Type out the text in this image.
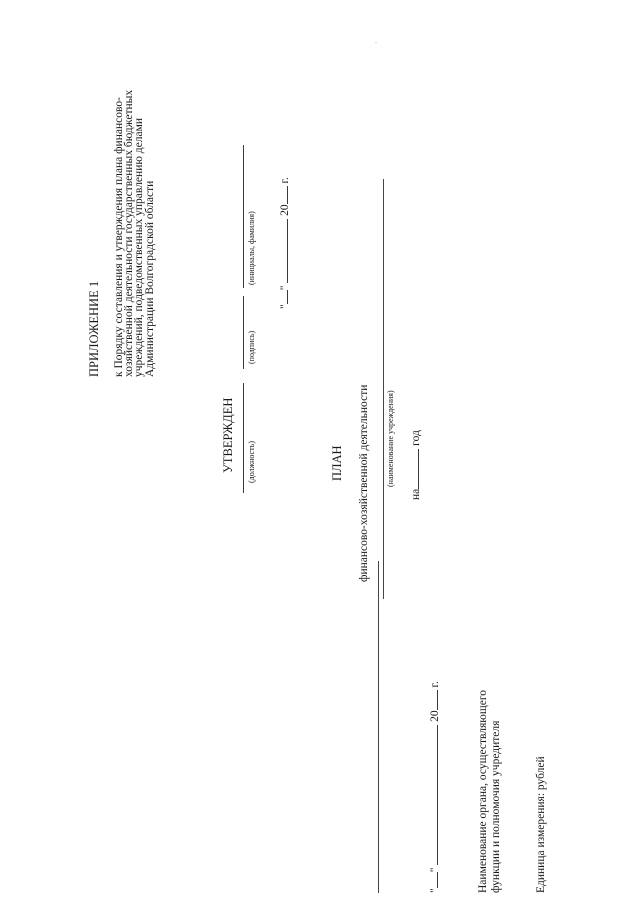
ПРИЛОЖЕНИЕ 1 к Порядку составления и утверждения плана финансово-
хозяйственной деятельности государственных бюджетных
учреждений, подведомственных управлению делами
Администрации Волгоградской области
УТВЕРЖДЕН (должность)
(подпись)
(инициалы, фамилия)
""  20 г.
ПЛАН финансово-хозяйственной деятельности (наименование учреждения)
на год
""  20 г.
Наименование органа, осуществляющего функции и полномочия учредителя	Единица измерения: рублей
·
